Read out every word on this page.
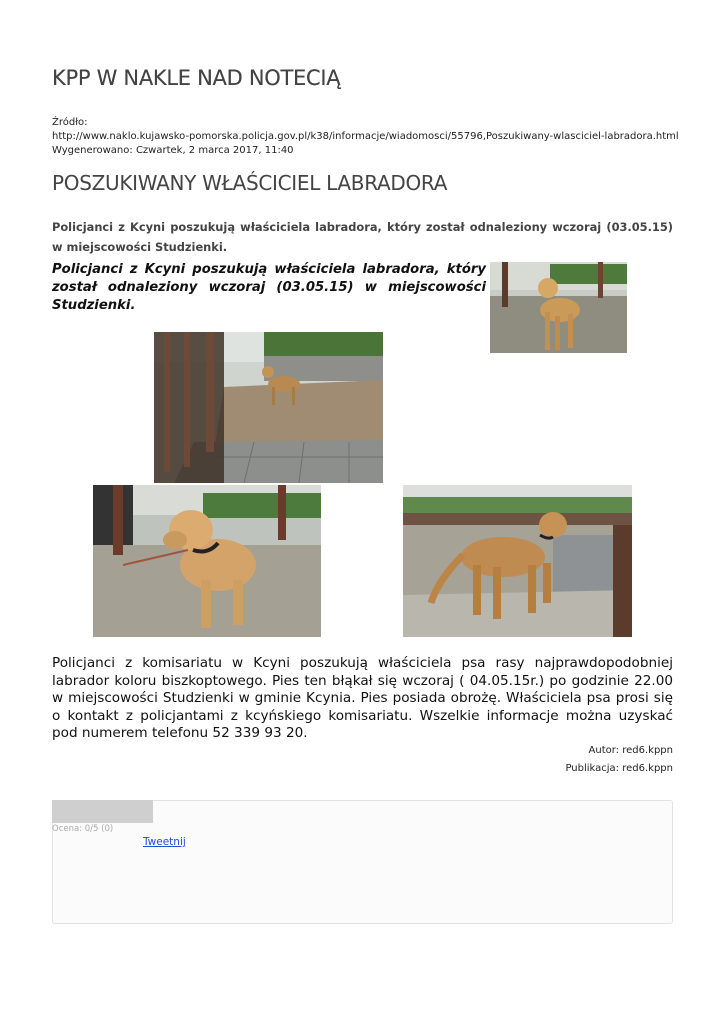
KPP W NAKLE NAD NOTECIĄ
Źródło:
http://www.naklo.kujawsko-pomorska.policja.gov.pl/k38/informacje/wiadomosci/55796,Poszukiwany-wlasciciel-labradora.html
Wygenerowano: Czwartek, 2 marca 2017, 11:40
POSZUKIWANY WŁAŚCICIEL LABRADORA
Policjanci z Kcyni poszukują właściciela labradora, który został odnaleziony wczoraj (03.05.15) w miejscowości Studzienki.
Policjanci z Kcyni poszukują właściciela labradora, który został odnaleziony wczoraj (03.05.15) w miejscowości Studzienki.
Policjanci z komisariatu w Kcyni poszukują właściciela psa rasy najprawdopodobniej labrador koloru biszkoptowego. Pies ten błąkał się wczoraj ( 04.05.15r.) po godzinie 22.00 w miejscowości Studzienki w gminie Kcynia. Pies posiada obrożę. Właściciela psa prosi się o kontakt z policjantami z kcyńskiego komisariatu. Wszelkie informacje można uzyskać pod numerem telefonu 52 339 93 20.
Autor: red6.kppn
Publikacja: red6.kppn
Ocena: 0/5 (0)
Tweetnij
